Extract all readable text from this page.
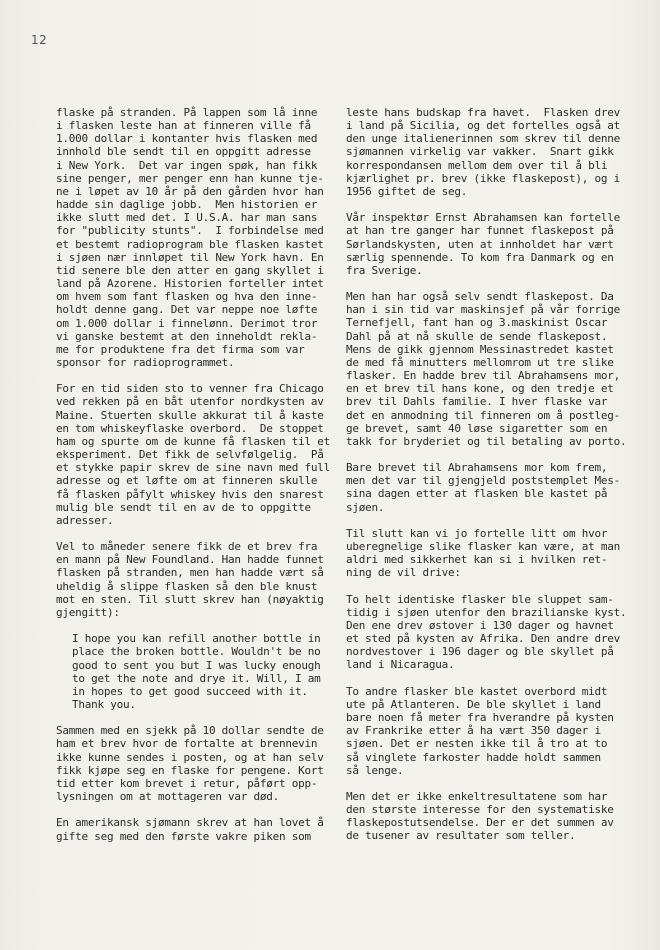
12

flaske på stranden. På lappen som lå inne
i flasken leste han at finneren ville få
1.000 dollar i kontanter hvis flasken med
innhold ble sendt til en oppgitt adresse
i New York.  Det var ingen spøk, han fikk
sine penger, mer penger enn han kunne tje-
ne i løpet av 10 år på den gården hvor han
hadde sin daglige jobb.  Men historien er
ikke slutt med det. I U.S.A. har man sans
for "publicity stunts".  I forbindelse med
et bestemt radioprogram ble flasken kastet
i sjøen nær innløpet til New York havn. En
tid senere ble den atter en gang skyllet i
land på Azorene. Historien forteller intet
om hvem som fant flasken og hva den inne-
holdt denne gang. Det var neppe noe løfte
om 1.000 dollar i finnelønn. Derimot tror
vi ganske bestemt at den inneholdt rekla-
me for produktene fra det firma som var
sponsor for radioprogrammet.

For en tid siden sto to venner fra Chicago
ved rekken på en båt utenfor nordkysten av
Maine. Stuerten skulle akkurat til å kaste
en tom whiskeyflaske overbord.  De stoppet
ham og spurte om de kunne få flasken til et
eksperiment. Det fikk de selvfølgelig.  På
et stykke papir skrev de sine navn med full
adresse og et løfte om at finneren skulle
få flasken påfylt whiskey hvis den snarest
mulig ble sendt til en av de to oppgitte
adresser.

Vel to måneder senere fikk de et brev fra
en mann på New Foundland. Han hadde funnet
flasken på stranden, men han hadde vært så
uheldig å slippe flasken så den ble knust
mot en sten. Til slutt skrev han (nøyaktig
gjengitt):

I hope you kan refill another bottle in
place the broken bottle. Wouldn't be no
good to sent you but I was lucky enough
to get the note and drye it. Will, I am
in hopes to get good succeed with it.
Thank you.

Sammen med en sjekk på 10 dollar sendte de
ham et brev hvor de fortalte at brennevin
ikke kunne sendes i posten, og at han selv
fikk kjøpe seg en flaske for pengene. Kort
tid etter kom brevet i retur, påført opp-
lysningen om at mottageren var død.

En amerikansk sjømann skrev at han lovet å
gifte seg med den første vakre piken som

leste hans budskap fra havet.  Flasken drev
i land på Sicilia, og det fortelles også at
den unge italienerinnen som skrev til denne
sjømannen virkelig var vakker.  Snart gikk
korrespondansen mellom dem over til å bli
kjærlighet pr. brev (ikke flaskepost), og i
1956 giftet de seg.

Vår inspektør Ernst Abrahamsen kan fortelle
at han tre ganger har funnet flaskepost på
Sørlandskysten, uten at innholdet har vært
særlig spennende. To kom fra Danmark og en
fra Sverige.

Men han har også selv sendt flaskepost. Da
han i sin tid var maskinsjef på vår forrige
Ternefjell, fant han og 3.maskinist Oscar
Dahl på at nå skulle de sende flaskepost.
Mens de gikk gjennom Messinastredet kastet
de med få minutters mellomrom ut tre slike
flasker. En hadde brev til Abrahamsens mor,
en et brev til hans kone, og den tredje et
brev til Dahls familie. I hver flaske var
det en anmodning til finneren om å postleg-
ge brevet, samt 40 løse sigaretter som en
takk for bryderiet og til betaling av porto.

Bare brevet til Abrahamsens mor kom frem,
men det var til gjengjeld poststemplet Mes-
sina dagen etter at flasken ble kastet på
sjøen.

Til slutt kan vi jo fortelle litt om hvor
uberegnelige slike flasker kan være, at man
aldri med sikkerhet kan si i hvilken ret-
ning de vil drive:

To helt identiske flasker ble sluppet sam-
tidig i sjøen utenfor den brazilianske kyst.
Den ene drev østover i 130 dager og havnet
et sted på kysten av Afrika. Den andre drev
nordvestover i 196 dager og ble skyllet på
land i Nicaragua.

To andre flasker ble kastet overbord midt
ute på Atlanteren. De ble skyllet i land
bare noen få meter fra hverandre på kysten
av Frankrike etter å ha vært 350 dager i
sjøen. Det er nesten ikke til å tro at to
så vinglete farkoster hadde holdt sammen
så lenge.

Men det er ikke enkeltresultatene som har
den største interesse for den systematiske
flaskepostutsendelse. Der er det summen av
de tusener av resultater som teller.
